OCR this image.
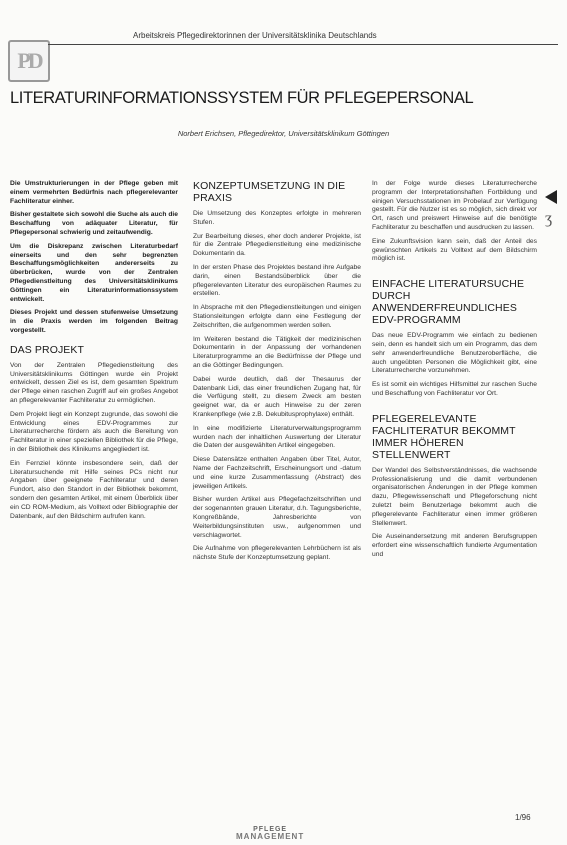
PD
Arbeitskreis Pflegedirektorinnen der Universitätsklinika Deutschlands
LITERATURINFORMATIONSSYSTEM FÜR PFLEGEPERSONAL
Norbert Erichsen, Pflegedirektor, Universitätsklinikum Göttingen

Die Umstrukturierungen in der Pflege geben mit einem vermehrten Bedürfnis nach pflegerelevanter Fachliteratur einher.

Bisher gestaltete sich sowohl die Suche als auch die Beschaffung von adäquater Literatur, für Pflegepersonal schwierig und zeitaufwendig.

Um die Diskrepanz zwischen Literaturbedarf einerseits und den sehr begrenzten Beschaffungsmöglichkeiten andererseits zu überbrücken, wurde von der Zentralen Pflegedienstleitung des Universitätsklinikums Göttingen ein Literaturinformationssystem entwickelt.

Dieses Projekt und dessen stufenweise Umsetzung in die Praxis werden im folgenden Beitrag vorgestellt.

DAS PROJEKT

Von der Zentralen Pflegedienstleitung des Universitätsklinikums Göttingen wurde ein Projekt entwickelt, dessen Ziel es ist, dem gesamten Spektrum der Pflege einen raschen Zugriff auf ein großes Angebot an pflegerelevanter Fachliteratur zu ermöglichen.

Dem Projekt liegt ein Konzept zugrunde, das sowohl die Entwicklung eines EDV-Programmes zur Literaturrecherche fördern als auch die Bereitung von Fachliteratur in einer speziellen Bibliothek für die Pflege, in der Bibliothek des Klinikums angegliedert ist.

Ein Fernziel könnte insbesondere sein, daß der Literatursuchende mit Hilfe seines PCs nicht nur Angaben über geeignete Fachliteratur und deren Fundort, also den Standort in der Bibliothek bekommt, sondern den gesamten Artikel, mit einem Überblick über ein CD ROM-Medium, als Volltext oder Bibliographie der Datenbank, auf den Bildschirm aufrufen kann.

KONZEPTUMSETZUNG IN DIE PRAXIS

Die Umsetzung des Konzeptes erfolgte in mehreren Stufen.

Zur Bearbeitung dieses, eher doch anderer Projekte, ist für die Zentrale Pflegedienstleitung eine medizinische Dokumentarin da.

In der ersten Phase des Projektes bestand ihre Aufgabe darin, einen Bestandsüberblick über die pflegerelevanten Literatur des europäischen Raumes zu erstellen.

In Absprache mit den Pflegedienstleitungen und einigen Stationsleitungen erfolgte dann eine Festlegung der Zeitschriften, die aufgenommen werden sollen.

Im Weiteren bestand die Tätigkeit der medizinischen Dokumentarin in der Anpassung der vorhandenen Literaturprogramme an die Bedürfnisse der Pflege und an die Göttinger Bedingungen.

Dabei wurde deutlich, daß der Thesaurus der Datenbank Lidi, das einer freundlichen Zugang hat, für die Verfügung stellt, zu diesem Zweck am besten geeignet war, da er auch Hinweise zu der zeren Krankenpflege (wie z.B. Dekubitusprophylaxe) enthält.

In eine modifizierte Literaturverwaltungsprogramm wurden nach der inhaltlichen Auswertung der Literatur die Daten der ausgewählten Artikel eingegeben.

Diese Datensätze enthalten Angaben über Titel, Autor, Name der Fachzeitschrift, Erscheinungsort und -datum und eine kurze Zusammenfassung (Abstract) des jeweiligen Artikels.

Bisher wurden Artikel aus Pflegefachzeitschriften und der sogenannten grauen Literatur, d.h. Tagungsberichte, Kongreßbände, Jahresberichte von Weiterbildungsinstituten usw., aufgenommen und verschlagwortet.

Die Aufnahme von pflegerelevanten Lehrbüchern ist als nächste Stufe der Konzeptumsetzung geplant.

In der Folge wurde dieses Literaturrecherche programm der Interpretationshaften Fortbildung und einigen Versuchsstationen im Probelauf zur Verfügung gestellt. Für die Nutzer ist es so möglich, sich direkt vor Ort, rasch und preiswert Hinweise auf die benötigte Fachliteratur zu beschaffen und ausdrucken zu lassen.

Eine Zukunftsvision kann sein, daß der Anteil des gewünschten Artikels zu Volltext auf dem Bildschirm möglich ist.

EINFACHE LITERATURSUCHE DURCH ANWENDERFREUNDLICHES EDV-PROGRAMM

Das neue EDV-Programm wie einfach zu bedienen sein, denn es handelt sich um ein Programm, das dem sehr anwenderfreundliche Benutzeroberfläche, die auch ungeübten Personen die Möglichkeit gibt, eine Literaturrecherche vorzunehmen.

Es ist somit ein wichtiges Hilfsmittel zur raschen Suche und Beschaffung von Fachliteratur vor Ort.

PFLEGERELEVANTE FACHLITERATUR BEKOMMT IMMER HÖHEREN STELLENWERT

Der Wandel des Selbstverständnisses, die wachsende Professionalisierung und die damit verbundenen organisatorischen Änderungen in der Pflege kommen dazu, Pflegewissenschaft und Pflegeforschung nicht zuletzt beim Benutzerlage bekommt auch die pflegerelevante Fachliteratur einen immer größeren Stellenwert.

Die Auseinandersetzung mit anderen Berufsgruppen erfordert eine wissenschaftlich fundierte Argumentation und

ʒ
PFLEGE
MANAGEMENT
1/96
